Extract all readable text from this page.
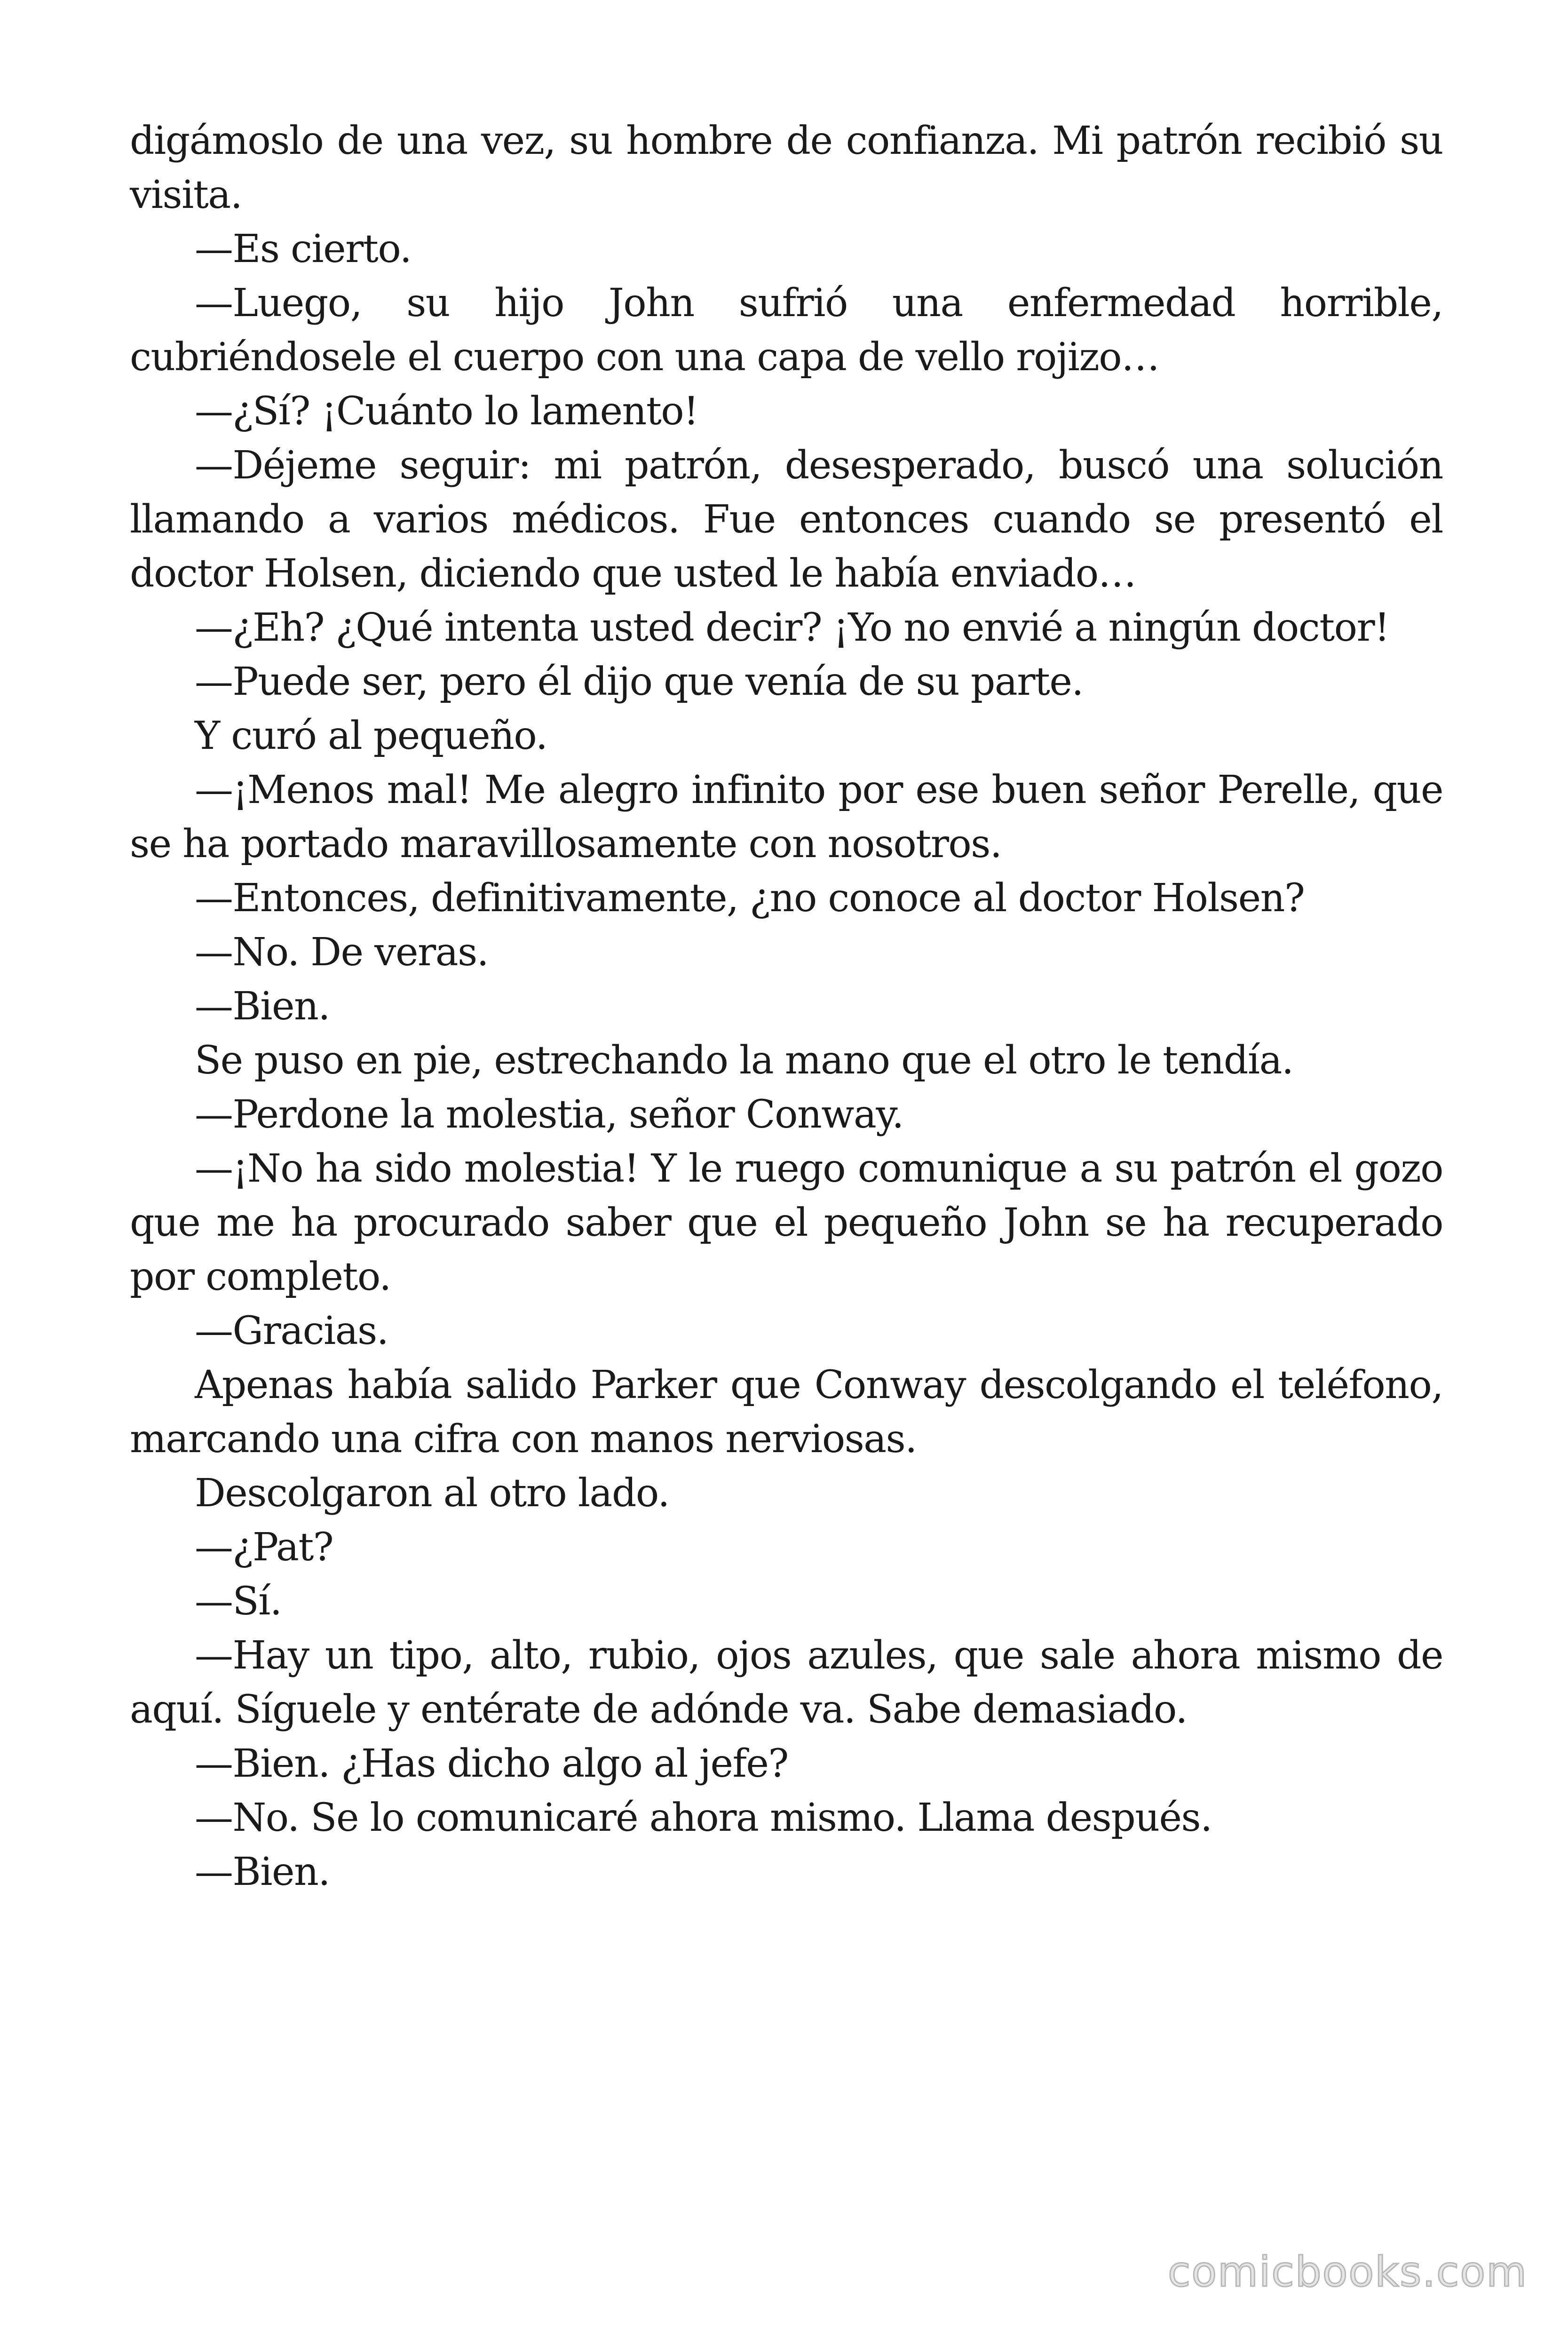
digámoslo de una vez, su hombre de confianza. Mi patrón recibió su visita.

—Es cierto.

—Luego, su hijo John sufrió una enfermedad horrible, cubriéndosele el cuerpo con una capa de vello rojizo…

—¿Sí? ¡Cuánto lo lamento!

—Déjeme seguir: mi patrón, desesperado, buscó una solución llamando a varios médicos. Fue entonces cuando se presentó el doctor Holsen, diciendo que usted le había enviado…

—¿Eh? ¿Qué intenta usted decir? ¡Yo no envié a ningún doctor!

—Puede ser, pero él dijo que venía de su parte.

Y curó al pequeño.

—¡Menos mal! Me alegro infinito por ese buen señor Perelle, que se ha portado maravillosamente con nosotros.

—Entonces, definitivamente, ¿no conoce al doctor Holsen?

—No. De veras.

—Bien.

Se puso en pie, estrechando la mano que el otro le tendía.

—Perdone la molestia, señor Conway.

—¡No ha sido molestia! Y le ruego comunique a su patrón el gozo que me ha procurado saber que el pequeño John se ha recuperado por completo.

—Gracias.

Apenas había salido Parker que Conway descolgando el teléfono, marcando una cifra con manos nerviosas.

Descolgaron al otro lado.

—¿Pat?

—Sí.

—Hay un tipo, alto, rubio, ojos azules, que sale ahora mismo de aquí. Síguele y entérate de adónde va. Sabe demasiado.

—Bien. ¿Has dicho algo al jefe?

—No. Se lo comunicaré ahora mismo. Llama después.

—Bien.

comicbooks.com
